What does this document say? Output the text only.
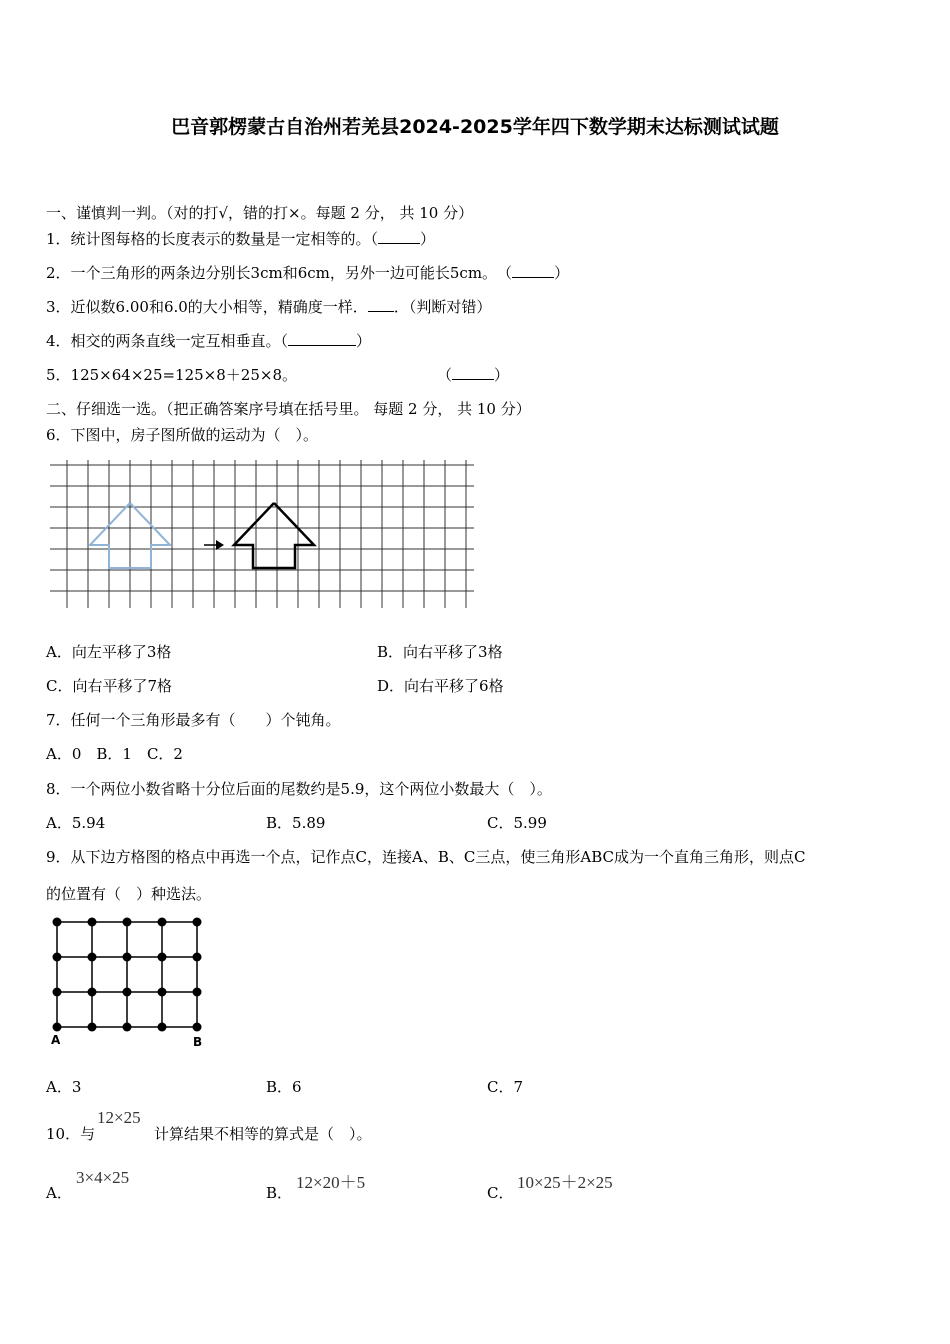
巴音郭楞蒙古自治州若羌县2024-2025学年四下数学期末达标测试试题
一、谨慎判一判。（对的打√，错的打×。每题 2 分， 共 10 分）
1．统计图每格的长度表示的数量是一定相等的。（	）
2．一个三角形的两条边分别长3cm和6cm，另外一边可能长5cm。　（	）
3．近似数6.00和6.0的大小相等，精确度一样． ．（判断对错）
4．相交的两条直线一定互相垂直。（	）
5．125×64×25=125×8＋25×8。	（	）
二、仔细选一选。（把正确答案序号填在括号里。 每题 2 分， 共 10 分）
6．下图中，房子图所做的运动为（　）。
A．向左平移了3格	B．向右平移了3格
C．向右平移了7格	D．向右平移了6格
7．任何一个三角形最多有（　　）个钝角。
A．0　B．1　C．2
8．一个两位小数省略十分位后面的尾数约是5.9，这个两位小数最大（　）。
A．5.94	B．5.89	C．5.99
9．从下边方格图的格点中再选一个点，记作点C，连接A、B、C三点，使三角形ABC成为一个直角三角形，则点C
的位置有（　）种选法。
A	B
A．3	B．6	C．7
10．与
12×25
计算结果不相等的算式是（　）。
A．
3×4×25
B．
12×20＋5
C．
10×25＋2×25
